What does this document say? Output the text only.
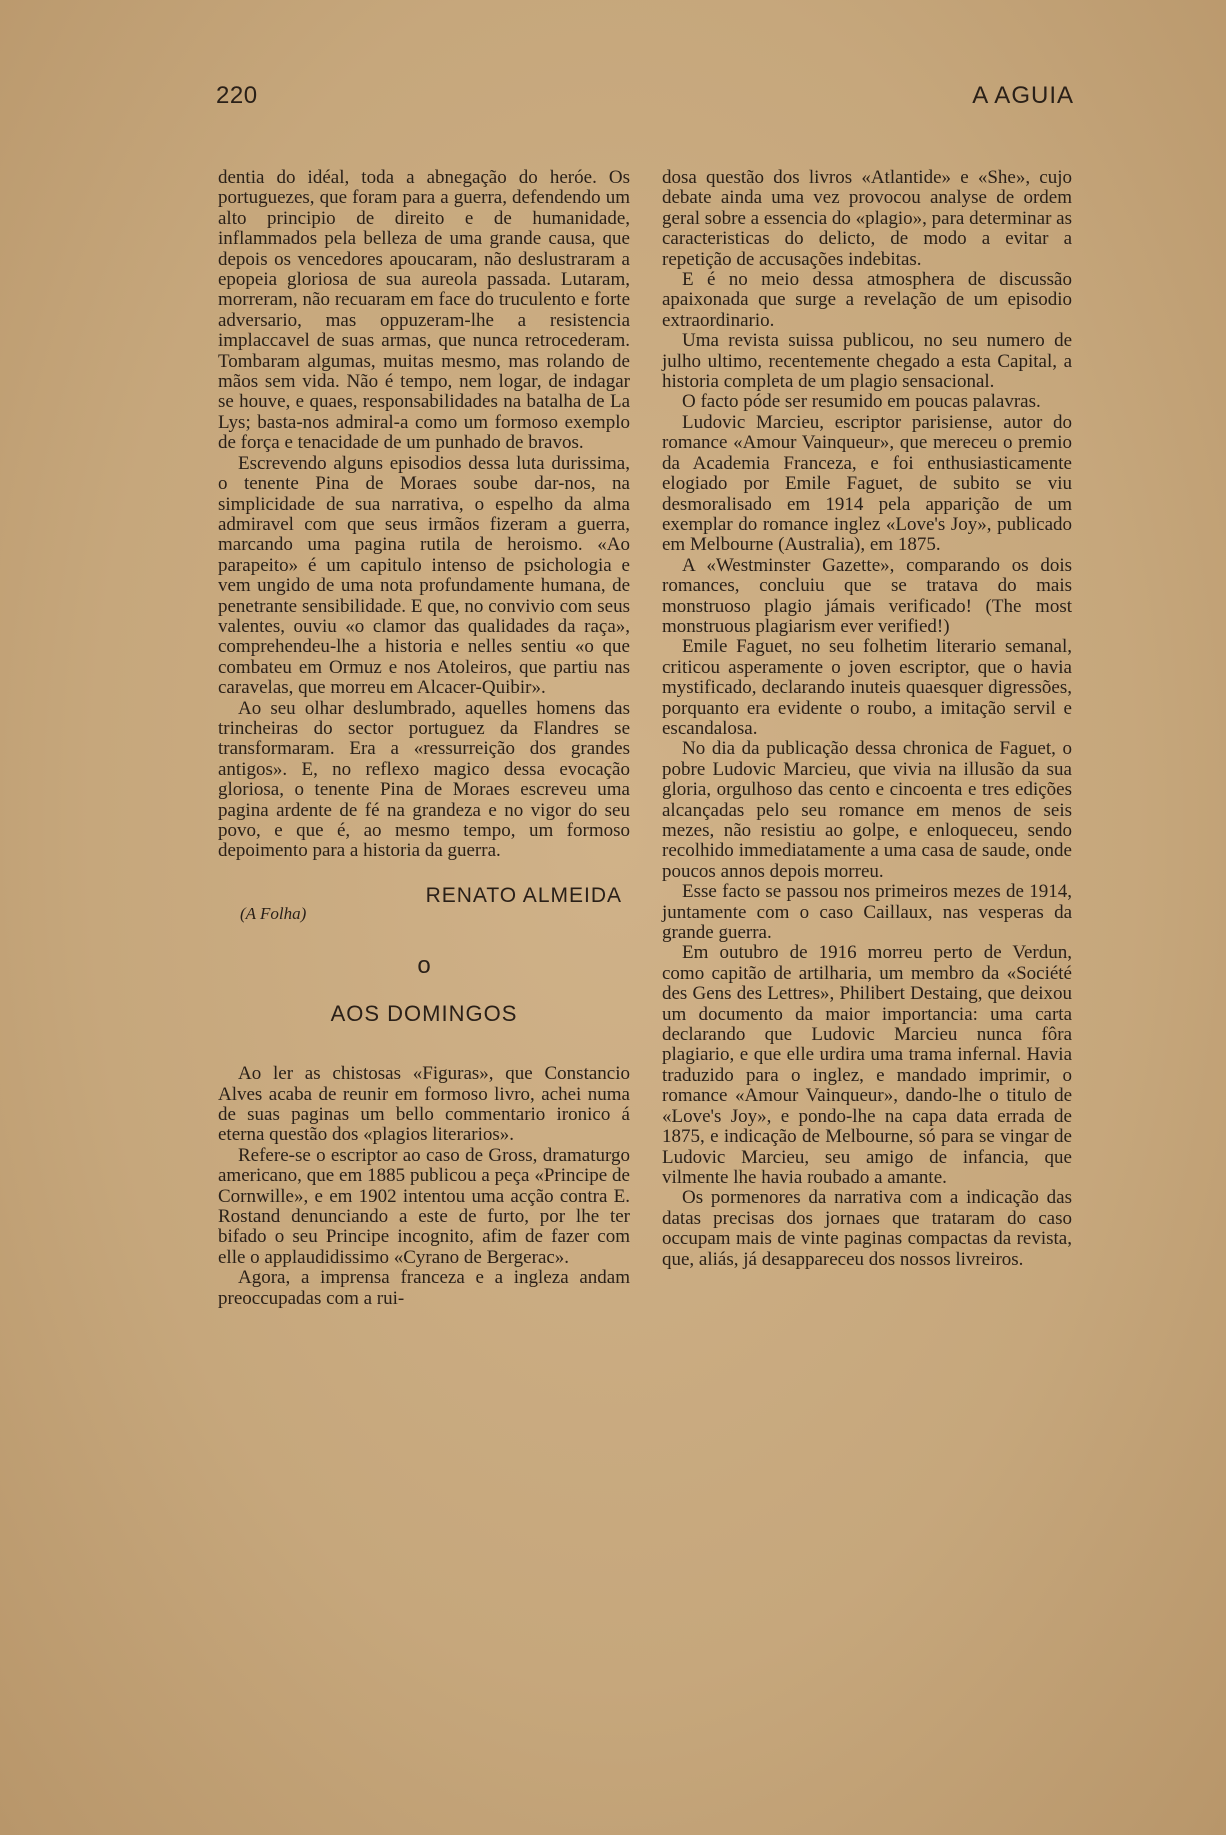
220	A AGUIA

dentia do idéal, toda a abnegação do heróe. Os portuguezes, que foram para a guerra, defendendo um alto principio de direito e de humanidade, inflammados pela belleza de uma grande causa, que depois os vencedores apoucaram, não deslustraram a epopeia gloriosa de sua aureola passada. Lutaram, morreram, não recuaram em face do truculento e forte adversario, mas oppuzeram-lhe a resistencia implaccavel de suas armas, que nunca retrocederam. Tombaram algumas, muitas mesmo, mas rolando de mãos sem vida. Não é tempo, nem logar, de indagar se houve, e quaes, responsabilidades na batalha de La Lys; basta-nos admiral-a como um formoso exemplo de força e tenacidade de um punhado de bravos.

Escrevendo alguns episodios dessa luta durissima, o tenente Pina de Moraes soube dar-nos, na simplicidade de sua narrativa, o espelho da alma admiravel com que seus irmãos fizeram a guerra, marcando uma pagina rutila de heroismo. «Ao parapeito» é um capitulo intenso de psichologia e vem ungido de uma nota profundamente humana, de penetrante sensibilidade. E que, no convivio com seus valentes, ouviu «o clamor das qualidades da raça», comprehendeu-lhe a historia e nelles sentiu «o que combateu em Ormuz e nos Atoleiros, que partiu nas caravelas, que morreu em Alcacer-Quibir».

Ao seu olhar deslumbrado, aquelles homens das trincheiras do sector portuguez da Flandres se transformaram. Era a «ressurreição dos grandes antigos». E, no reflexo magico dessa evocação gloriosa, o tenente Pina de Moraes escreveu uma pagina ardente de fé na grandeza e no vigor do seu povo, e que é, ao mesmo tempo, um formoso depoimento para a historia da guerra.

RENATO ALMEIDA
(A Folha)
o
AOS DOMINGOS

Ao ler as chistosas «Figuras», que Constancio Alves acaba de reunir em formoso livro, achei numa de suas paginas um bello commentario ironico á eterna questão dos «plagios literarios».

Refere-se o escriptor ao caso de Gross, dramaturgo americano, que em 1885 publicou a peça «Principe de Cornwille», e em 1902 intentou uma acção contra E. Rostand denunciando a este de furto, por lhe ter bifado o seu Principe incognito, afim de fazer com elle o applaudidissimo «Cyrano de Bergerac».

Agora, a imprensa franceza e a ingleza andam preoccupadas com a rui-

dosa questão dos livros «Atlantide» e «She», cujo debate ainda uma vez provocou analyse de ordem geral sobre a essencia do «plagio», para determinar as caracteristicas do delicto, de modo a evitar a repetição de accusações indebitas.

E é no meio dessa atmosphera de discussão apaixonada que surge a revelação de um episodio extraordinario.

Uma revista suissa publicou, no seu numero de julho ultimo, recentemente chegado a esta Capital, a historia completa de um plagio sensacional.

O facto póde ser resumido em poucas palavras.

Ludovic Marcieu, escriptor parisiense, autor do romance «Amour Vainqueur», que mereceu o premio da Academia Franceza, e foi enthusiasticamente elogiado por Emile Faguet, de subito se viu desmoralisado em 1914 pela apparição de um exemplar do romance inglez «Love's Joy», publicado em Melbourne (Australia), em 1875.

A «Westminster Gazette», comparando os dois romances, concluiu que se tratava do mais monstruoso plagio jámais verificado! (The most monstruous plagiarism ever verified!)

Emile Faguet, no seu folhetim literario semanal, criticou asperamente o joven escriptor, que o havia mystificado, declarando inuteis quaesquer digressões, porquanto era evidente o roubo, a imitação servil e escandalosa.

No dia da publicação dessa chronica de Faguet, o pobre Ludovic Marcieu, que vivia na illusão da sua gloria, orgulhoso das cento e cincoenta e tres edições alcançadas pelo seu romance em menos de seis mezes, não resistiu ao golpe, e enloqueceu, sendo recolhido immediatamente a uma casa de saude, onde poucos annos depois morreu.

Esse facto se passou nos primeiros mezes de 1914, juntamente com o caso Caillaux, nas vesperas da grande guerra.

Em outubro de 1916 morreu perto de Verdun, como capitão de artilharia, um membro da «Société des Gens des Lettres», Philibert Destaing, que deixou um documento da maior importancia: uma carta declarando que Ludovic Marcieu nunca fôra plagiario, e que elle urdira uma trama infernal. Havia traduzido para o inglez, e mandado imprimir, o romance «Amour Vainqueur», dando-lhe o titulo de «Love's Joy», e pondo-lhe na capa data errada de 1875, e indicação de Melbourne, só para se vingar de Ludovic Marcieu, seu amigo de infancia, que vilmente lhe havia roubado a amante.

Os pormenores da narrativa com a indicação das datas precisas dos jornaes que trataram do caso occupam mais de vinte paginas compactas da revista, que, aliás, já desappareceu dos nossos livreiros.
